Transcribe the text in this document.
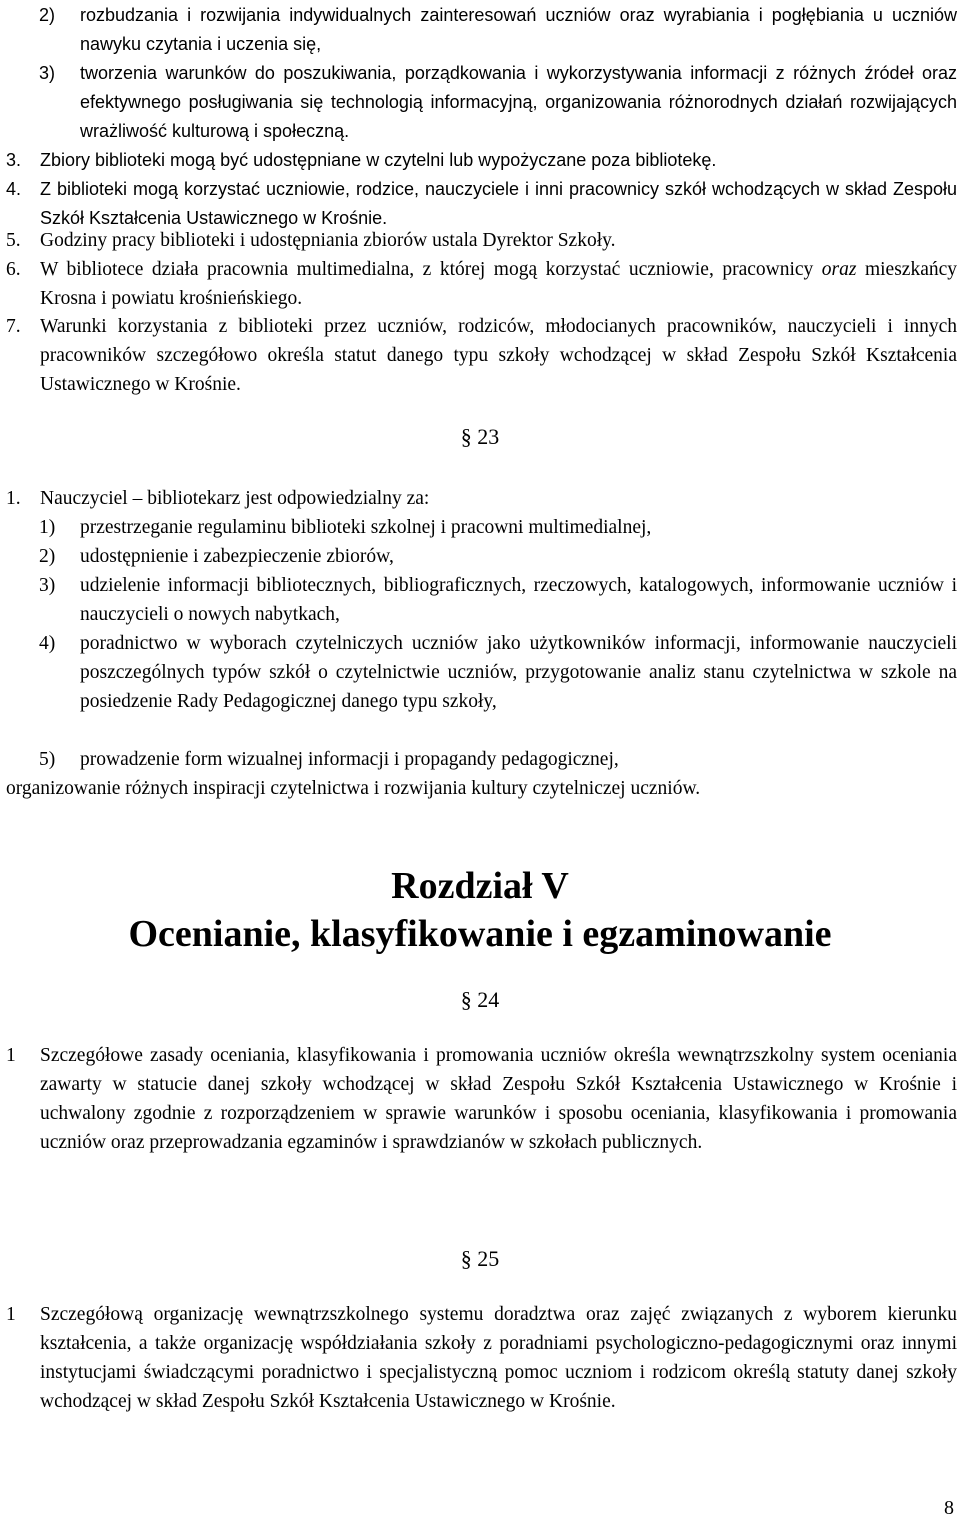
2)	rozbudzania i rozwijania indywidualnych zainteresowań uczniów oraz wyrabiania i pogłębiania u uczniów nawyku czytania i uczenia się,
3)	tworzenia warunków do poszukiwania, porządkowania i wykorzystywania informacji z różnych źródeł oraz efektywnego posługiwania się technologią informacyjną, organizowania różnorodnych działań rozwijających wrażliwość kulturową i społeczną.
3.	Zbiory biblioteki mogą być udostępniane w czytelni lub wypożyczane poza bibliotekę.
4.	Z biblioteki mogą korzystać uczniowie, rodzice, nauczyciele i inni pracownicy szkół wchodzących w skład Zespołu Szkół Kształcenia Ustawicznego w Krośnie.
5. Godziny pracy biblioteki i udostępniania zbiorów ustala Dyrektor Szkoły.
6. W bibliotece działa pracownia multimedialna, z której mogą korzystać uczniowie, pracownicy oraz mieszkańcy Krosna i powiatu krośnieńskiego.
7. Warunki korzystania z biblioteki przez uczniów, rodziców, młodocianych pracowników, nauczycieli i innych pracowników szczegółowo określa statut danego typu szkoły wchodzącej w skład Zespołu Szkół Kształcenia Ustawicznego w Krośnie.
§ 23
1. Nauczyciel – bibliotekarz jest odpowiedzialny za:
1)	przestrzeganie regulaminu biblioteki szkolnej i pracowni multimedialnej,
2)	udostępnienie i zabezpieczenie zbiorów,
3)	udzielenie informacji bibliotecznych, bibliograficznych, rzeczowych, katalogowych, informowanie uczniów i nauczycieli o nowych nabytkach,
4)	poradnictwo w wyborach czytelniczych uczniów jako użytkowników informacji, informowanie nauczycieli poszczególnych typów szkół o czytelnictwie uczniów, przygotowanie analiz stanu czytelnictwa w szkole na posiedzenie Rady Pedagogicznej danego typu szkoły,
5)	prowadzenie form wizualnej informacji i propagandy pedagogicznej,
organizowanie różnych inspiracji czytelnictwa i rozwijania kultury czytelniczej uczniów.
Rozdział V
Ocenianie, klasyfikowanie i egzaminowanie
§ 24
1	Szczegółowe zasady oceniania, klasyfikowania i promowania uczniów określa wewnątrzszkolny system oceniania zawarty w statucie danej szkoły wchodzącej w skład Zespołu Szkół Kształcenia Ustawicznego w Krośnie i uchwalony zgodnie z rozporządzeniem w sprawie warunków i sposobu oceniania, klasyfikowania i promowania uczniów oraz przeprowadzania egzaminów i sprawdzianów w szkołach publicznych.
§ 25
1	Szczegółową organizację wewnątrzszkolnego systemu doradztwa oraz zajęć związanych z wyborem kierunku kształcenia, a także organizację współdziałania szkoły z poradniami psychologiczno-pedagogicznymi oraz innymi instytucjami świadczącymi poradnictwo i specjalistyczną pomoc uczniom i rodzicom określą statuty danej szkoły wchodzącej w skład Zespołu Szkół Kształcenia Ustawicznego w Krośnie.
8
